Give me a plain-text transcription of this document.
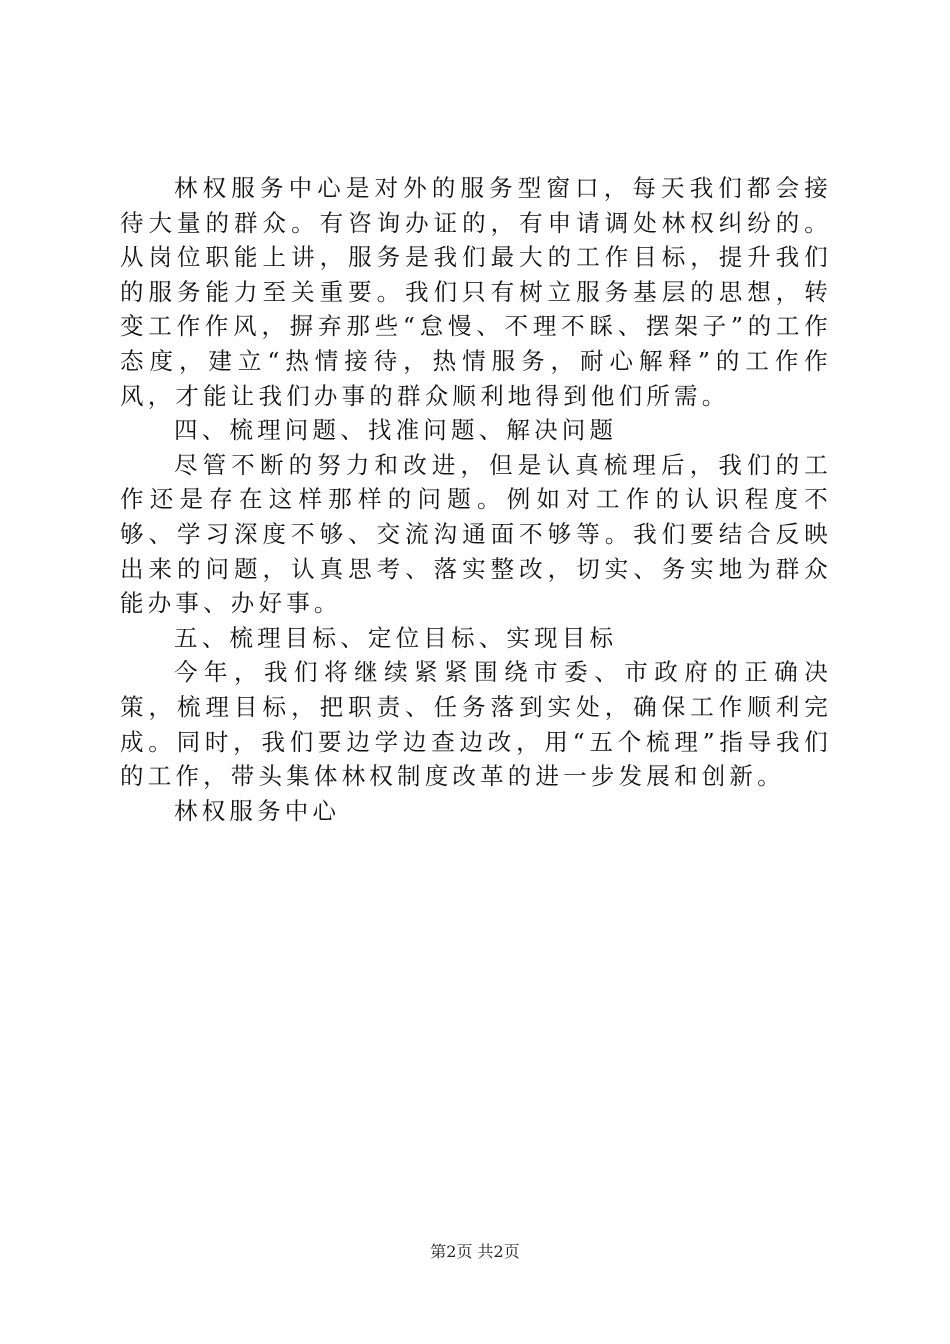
林权服务中心是对外的服务型窗口，每天我们都会接待大量的群众。有咨询办证的，有申请调处林权纠纷的。从岗位职能上讲，服务是我们最大的工作目标，提升我们的服务能力至关重要。我们只有树立服务基层的思想，转变工作作风，摒弃那些“怠慢、不理不睬、摆架子”的工作态度，建立“热情接待，热情服务，耐心解释”的工作作风，才能让我们办事的群众顺利地得到他们所需。

四、梳理问题、找准问题、解决问题

尽管不断的努力和改进，但是认真梳理后，我们的工作还是存在这样那样的问题。例如对工作的认识程度不够、学习深度不够、交流沟通面不够等。我们要结合反映出来的问题，认真思考、落实整改，切实、务实地为群众能办事、办好事。

五、梳理目标、定位目标、实现目标

今年，我们将继续紧紧围绕市委、市政府的正确决策，梳理目标，把职责、任务落到实处，确保工作顺利完成。同时，我们要边学边查边改，用“五个梳理”指导我们的工作，带头集体林权制度改革的进一步发展和创新。

林权服务中心

第2页 共2页
